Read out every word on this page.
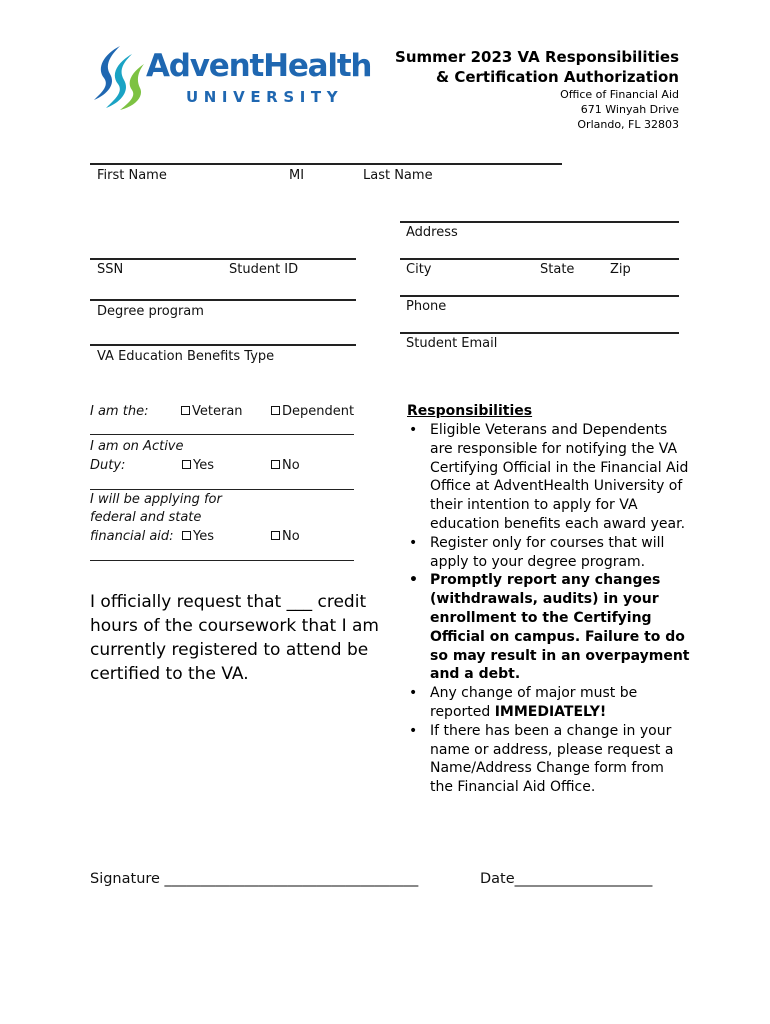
AdventHealth
UNIVERSITY
Summer 2023 VA Responsibilities
& Certification Authorization
Office of Financial Aid
671 Winyah Drive
Orlando, FL 32803
First Name	MI	Last Name
Address
City	State	Zip
Phone
Student Email
SSN	Student ID
Degree program
VA Education Benefits Type
I am the:	Veteran	Dependent
I am on Active
Duty:	Yes	No
I will be applying for
federal and state
financial aid:	Yes	No
I officially request that ___ credit
hours of the coursework that I am
currently registered to attend be
certified to the VA.
Responsibilities
• Eligible Veterans and Dependents
are responsible for notifying the VA
Certifying Official in the Financial Aid
Office at AdventHealth University of
their intention to apply for VA
education benefits each award year.
• Register only for courses that will
apply to your degree program.
• Promptly report any changes
(withdrawals, audits) in your
enrollment to the Certifying
Official on campus. Failure to do
so may result in an overpayment
and a debt.
• Any change of major must be
reported IMMEDIATELY!
• If there has been a change in your
name or address, please request a
Name/Address Change form from
the Financial Aid Office.
Signature ___________________________________	Date___________________
